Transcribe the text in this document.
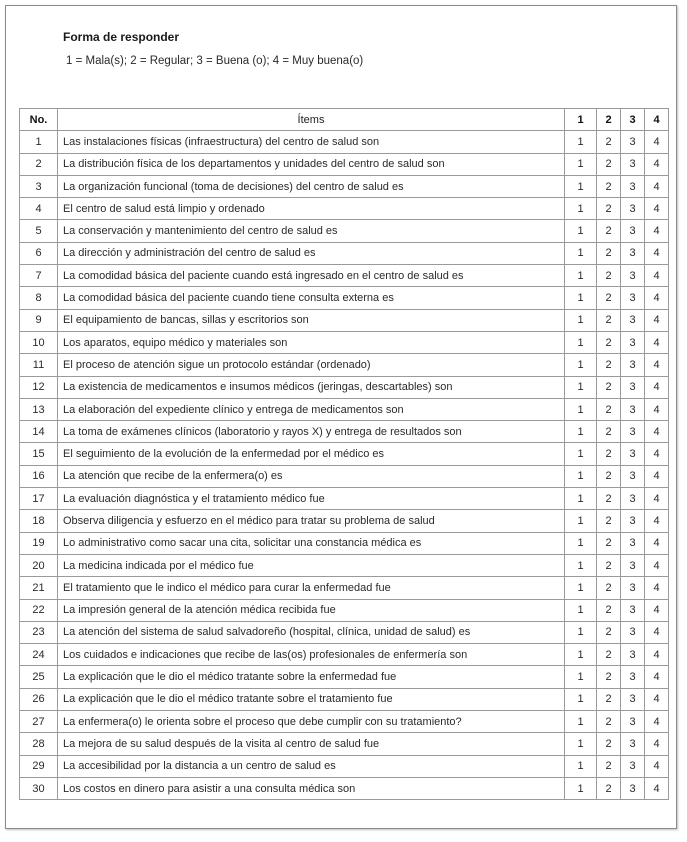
Forma de responder
1 = Mala(s); 2 = Regular; 3 = Buena (o); 4 = Muy buena(o)
No.	Ítems	1	2	3	4
1	Las instalaciones físicas (infraestructura) del centro de salud son	1	2	3	4
2	La distribución física de los departamentos y unidades del centro de salud son	1	2	3	4
3	La organización funcional (toma de decisiones) del centro de salud es	1	2	3	4
4	El centro de salud está limpio y ordenado	1	2	3	4
5	La conservación y mantenimiento del centro de salud es	1	2	3	4
6	La dirección y administración del centro de salud es	1	2	3	4
7	La comodidad básica del paciente cuando está ingresado en el centro de salud es	1	2	3	4
8	La comodidad básica del paciente cuando tiene consulta externa es	1	2	3	4
9	El equipamiento de bancas, sillas y escritorios son	1	2	3	4
10	Los aparatos, equipo médico y materiales son	1	2	3	4
11	El proceso de atención sigue un protocolo estándar (ordenado)	1	2	3	4
12	La existencia de medicamentos e insumos médicos (jeringas, descartables) son	1	2	3	4
13	La elaboración del expediente clínico y entrega de medicamentos son	1	2	3	4
14	La toma de exámenes clínicos (laboratorio y rayos X) y entrega de resultados son	1	2	3	4
15	El seguimiento de la evolución de la enfermedad por el médico es	1	2	3	4
16	La atención que recibe de la enfermera(o) es	1	2	3	4
17	La evaluación diagnóstica y el tratamiento médico fue	1	2	3	4
18	Observa diligencia y esfuerzo en el médico para tratar su problema de salud	1	2	3	4
19	Lo administrativo como sacar una cita, solicitar una constancia médica es	1	2	3	4
20	La medicina indicada por el médico fue	1	2	3	4
21	El tratamiento que le indico el médico para curar la enfermedad fue	1	2	3	4
22	La impresión general de la atención médica recibida fue	1	2	3	4
23	La atención del sistema de salud salvadoreño (hospital, clínica, unidad de salud) es	1	2	3	4
24	Los cuidados e indicaciones que recibe de las(os) profesionales de enfermería son	1	2	3	4
25	La explicación que le dio el médico tratante sobre la enfermedad fue	1	2	3	4
26	La explicación que le dio el médico tratante sobre el tratamiento fue	1	2	3	4
27	La enfermera(o) le orienta sobre el proceso que debe cumplir con su tratamiento?	1	2	3	4
28	La mejora de su salud después de la visita al centro de salud fue	1	2	3	4
29	La accesibilidad por la distancia a un centro de salud es	1	2	3	4
30	Los costos en dinero para asistir a una consulta médica son	1	2	3	4
